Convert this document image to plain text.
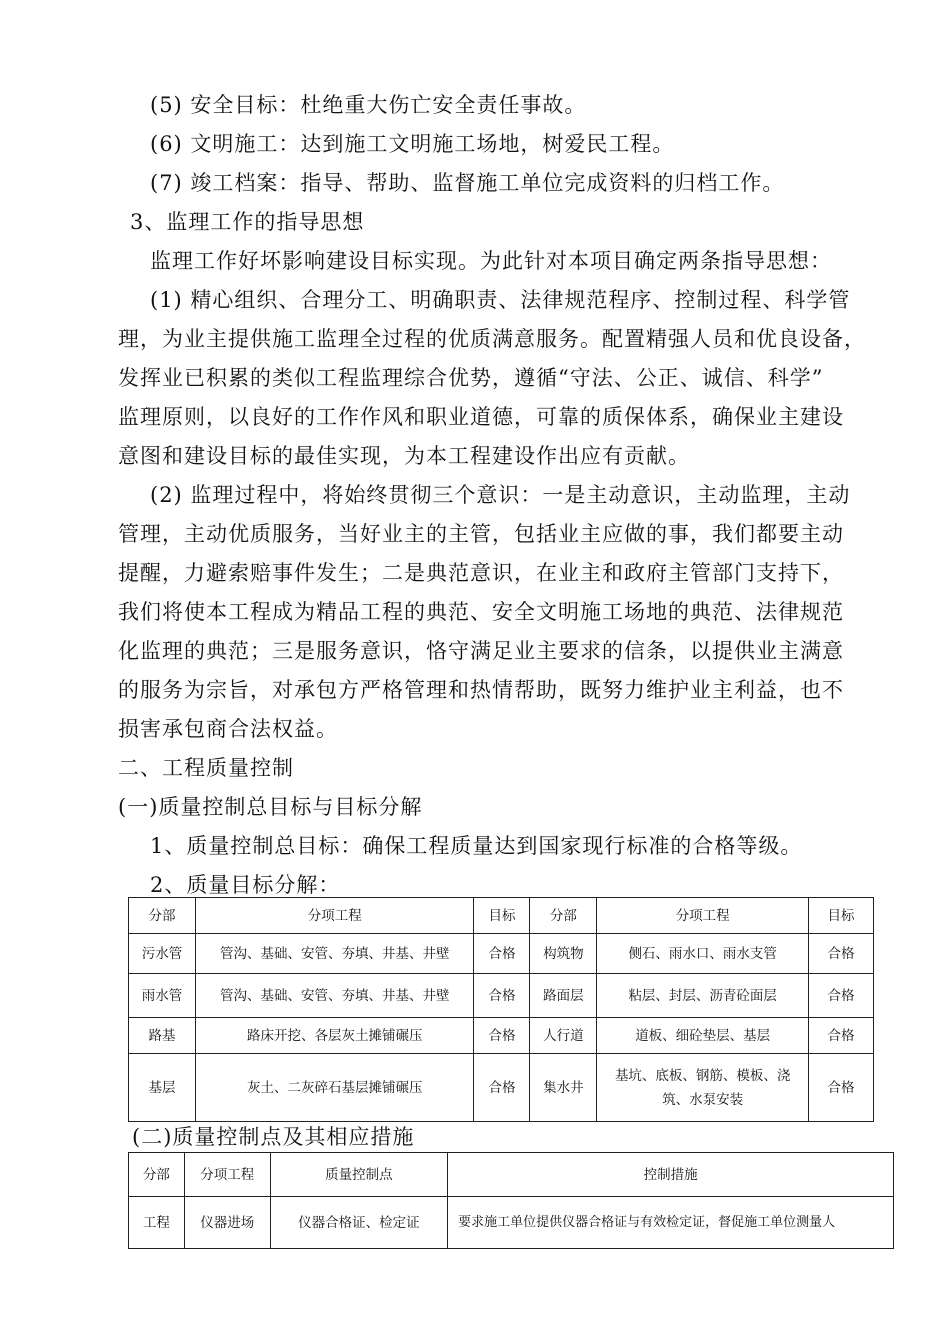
(5) 安全目标：杜绝重大伤亡安全责任事故。
(6) 文明施工：达到施工文明施工场地，树爱民工程。
(7) 竣工档案：指导、帮助、监督施工单位完成资料的归档工作。
3、监理工作的指导思想
监理工作好坏影响建设目标实现。为此针对本项目确定两条指导思想：
(1) 精心组织、合理分工、明确职责、法律规范程序、控制过程、科学管
理，为业主提供施工监理全过程的优质满意服务。配置精强人员和优良设备，
发挥业已积累的类似工程监理综合优势，遵循“守法、公正、诚信、科学”
监理原则，以良好的工作作风和职业道德，可靠的质保体系，确保业主建设
意图和建设目标的最佳实现，为本工程建设作出应有贡献。
(2) 监理过程中，将始终贯彻三个意识：一是主动意识，主动监理，主动
管理，主动优质服务，当好业主的主管，包括业主应做的事，我们都要主动
提醒，力避索赔事件发生；二是典范意识，在业主和政府主管部门支持下，
我们将使本工程成为精品工程的典范、安全文明施工场地的典范、法律规范
化监理的典范；三是服务意识，恪守满足业主要求的信条，以提供业主满意
的服务为宗旨，对承包方严格管理和热情帮助，既努力维护业主利益，也不
损害承包商合法权益。
二、工程质量控制
(一)质量控制总目标与目标分解
1、质量控制总目标：确保工程质量达到国家现行标准的合格等级。
2、质量目标分解：
分部	分项工程	目标	分部	分项工程	目标
污水管	管沟、基础、安管、夯填、井基、井壁	合格	构筑物	侧石、雨水口、雨水支管	合格
雨水管	管沟、基础、安管、夯填、井基、井壁	合格	路面层	粘层、封层、沥青砼面层	合格
路基	路床开挖、各层灰土摊铺碾压	合格	人行道	道板、细砼垫层、基层	合格
基层	灰土、二灰碎石基层摊铺碾压	合格	集水井	基坑、底板、钢筋、模板、浇筑、水泵安装	合格
(二)质量控制点及其相应措施
分部	分项工程	质量控制点	控制措施
工程	仪器进场	仪器合格证、检定证	要求施工单位提供仪器合格证与有效检定证，督促施工单位测量人
